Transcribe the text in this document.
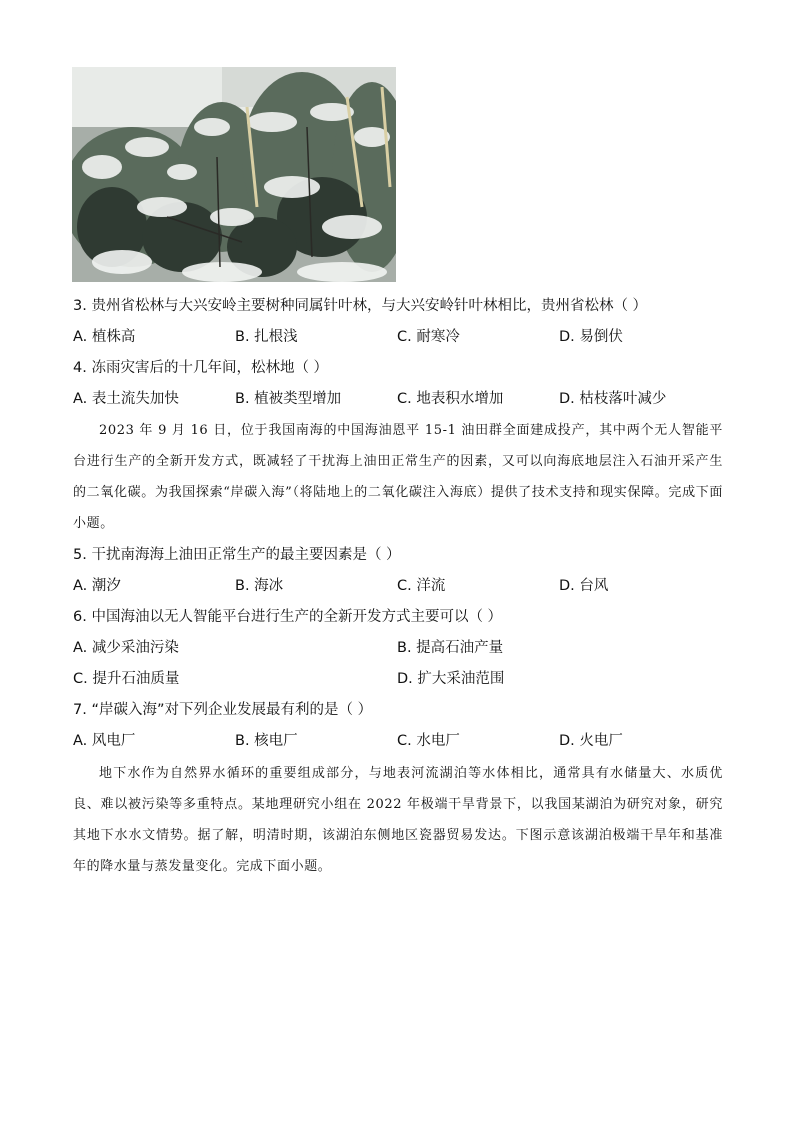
3. 贵州省松林与大兴安岭主要树种同属针叶林，与大兴安岭针叶林相比，贵州省松林（ ）
A. 植株高	B. 扎根浅	C. 耐寒冷	D. 易倒伏
4. 冻雨灾害后的十几年间，松林地（ ）
A. 表土流失加快	B. 植被类型增加	C. 地表积水增加	D. 枯枝落叶减少
2023 年 9 月 16 日，位于我国南海的中国海油恩平 15-1 油田群全面建成投产，其中两个无人智能平台进行生产的全新开发方式，既减轻了干扰海上油田正常生产的因素，又可以向海底地层注入石油开采产生的二氧化碳。为我国探索“岸碳入海”（将陆地上的二氧化碳注入海底）提供了技术支持和现实保障。完成下面小题。
5. 干扰南海海上油田正常生产的最主要因素是（ ）
A. 潮汐	B. 海冰	C. 洋流	D. 台风
6. 中国海油以无人智能平台进行生产的全新开发方式主要可以（ ）
A. 减少采油污染	B. 提高石油产量
C. 提升石油质量	D. 扩大采油范围
7. “岸碳入海”对下列企业发展最有利的是（ ）
A. 风电厂	B. 核电厂	C. 水电厂	D. 火电厂
地下水作为自然界水循环的重要组成部分，与地表河流湖泊等水体相比，通常具有水储量大、水质优良、难以被污染等多重特点。某地理研究小组在 2022 年极端干旱背景下，以我国某湖泊为研究对象，研究其地下水水文情势。据了解，明清时期，该湖泊东侧地区瓷器贸易发达。下图示意该湖泊极端干旱年和基准年的降水量与蒸发量变化。完成下面小题。
